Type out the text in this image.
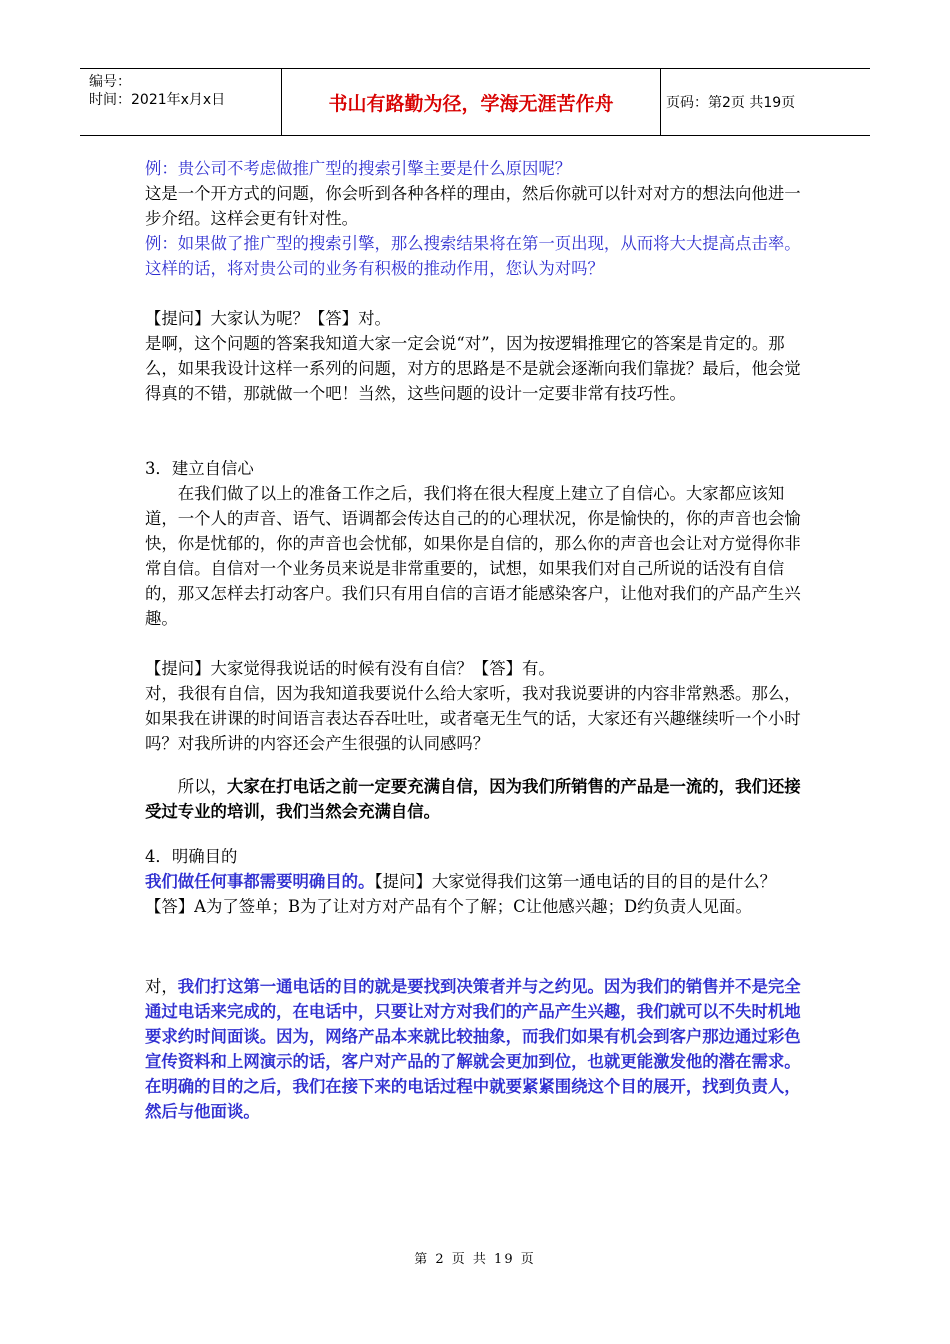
编号：
时间：2021年x月x日	书山有路勤为径，学海无涯苦作舟	页码：第2页 共19页

例：贵公司不考虑做推广型的搜索引擎主要是什么原因呢？

这是一个开方式的问题，你会听到各种各样的理由，然后你就可以针对对方的想法向他进一步介绍。这样会更有针对性。

例：如果做了推广型的搜索引擎，那么搜索结果将在第一页出现，从而将大大提高点击率。这样的话，将对贵公司的业务有积极的推动作用，您认为对吗？

【提问】大家认为呢？【答】对。

是啊，这个问题的答案我知道大家一定会说“对”，因为按逻辑推理它的答案是肯定的。那么，如果我设计这样一系列的问题，对方的思路是不是就会逐渐向我们靠拢？最后，他会觉得真的不错，那就做一个吧！当然，这些问题的设计一定要非常有技巧性。

3．建立自信心

在我们做了以上的准备工作之后，我们将在很大程度上建立了自信心。大家都应该知道，一个人的声音、语气、语调都会传达自己的的心理状况，你是愉快的，你的声音也会愉快，你是忧郁的，你的声音也会忧郁，如果你是自信的，那么你的声音也会让对方觉得你非常自信。自信对一个业务员来说是非常重要的，试想，如果我们对自己所说的话没有自信的，那又怎样去打动客户。我们只有用自信的言语才能感染客户，让他对我们的产品产生兴趣。

【提问】大家觉得我说话的时候有没有自信？【答】有。

对，我很有自信，因为我知道我要说什么给大家听，我对我说要讲的内容非常熟悉。那么，如果我在讲课的时间语言表达吞吞吐吐，或者毫无生气的话，大家还有兴趣继续听一个小时吗？对我所讲的内容还会产生很强的认同感吗？

所以，大家在打电话之前一定要充满自信，因为我们所销售的产品是一流的，我们还接受过专业的培训，我们当然会充满自信。

4．明确目的

我们做任何事都需要明确目的。【提问】大家觉得我们这第一通电话的目的目的是什么？【答】A为了签单；B为了让对方对产品有个了解；C让他感兴趣；D约负责人见面。

对，我们打这第一通电话的目的就是要找到决策者并与之约见。因为我们的销售并不是完全通过电话来完成的，在电话中，只要让对方对我们的产品产生兴趣，我们就可以不失时机地要求约时间面谈。因为，网络产品本来就比较抽象，而我们如果有机会到客户那边通过彩色宣传资料和上网演示的话，客户对产品的了解就会更加到位，也就更能激发他的潜在需求。在明确的目的之后，我们在接下来的电话过程中就要紧紧围绕这个目的展开，找到负责人，然后与他面谈。

第 2 页 共 19 页
